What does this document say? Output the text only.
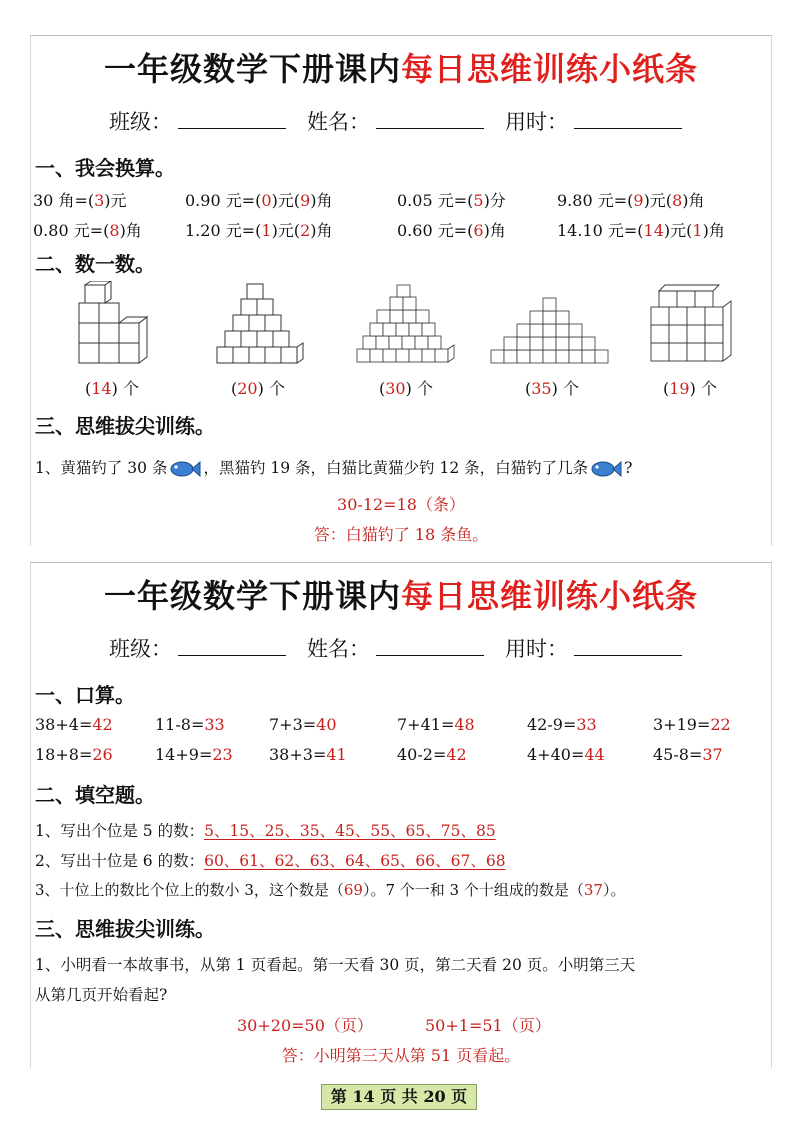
一年级数学下册课内每日思维训练小纸条
班级：	姓名：	用时：
一、我会换算。
30 角=(3)元	0.90 元=(0)元(9)角	0.05 元=(5)分	9.80 元=(9)元(8)角
0.80 元=(8)角	1.20 元=(1)元(2)角	0.60 元=(6)角	14.10 元=(14)元(1)角
二、数一数。
(14) 个	(20) 个	(30) 个	(35) 个	(19) 个
三、思维拔尖训练。
1、黄猫钓了 30 条 ，黑猫钓 19 条，白猫比黄猫少钓 12 条，白猫钓了几条 ?
30-12=18（条）
答：白猫钓了 18 条鱼。
一年级数学下册课内每日思维训练小纸条
班级：	姓名：	用时：
一、口算。
38+4=42	11-8=33	7+3=40	7+41=48	42-9=33	3+19=22
18+8=26	14+9=23 38+3=41	40-2=42	4+40=44	45-8=37
二、填空题。
1、写出个位是 5 的数：5、15、25、35、45、55、65、75、85
2、写出十位是 6 的数：60、61、62、63、64、65、66、67、68
3、十位上的数比个位上的数小 3，这个数是（69）。7 个一和 3 个十组成的数是（37）。
三、思维拔尖训练。
1、小明看一本故事书，从第 1 页看起。第一天看 30 页，第二天看 20 页。小明第三天
从第几页开始看起?
30+20=50（页）	50+1=51（页）
答：小明第三天从第 51 页看起。
第 14 页 共 20 页
